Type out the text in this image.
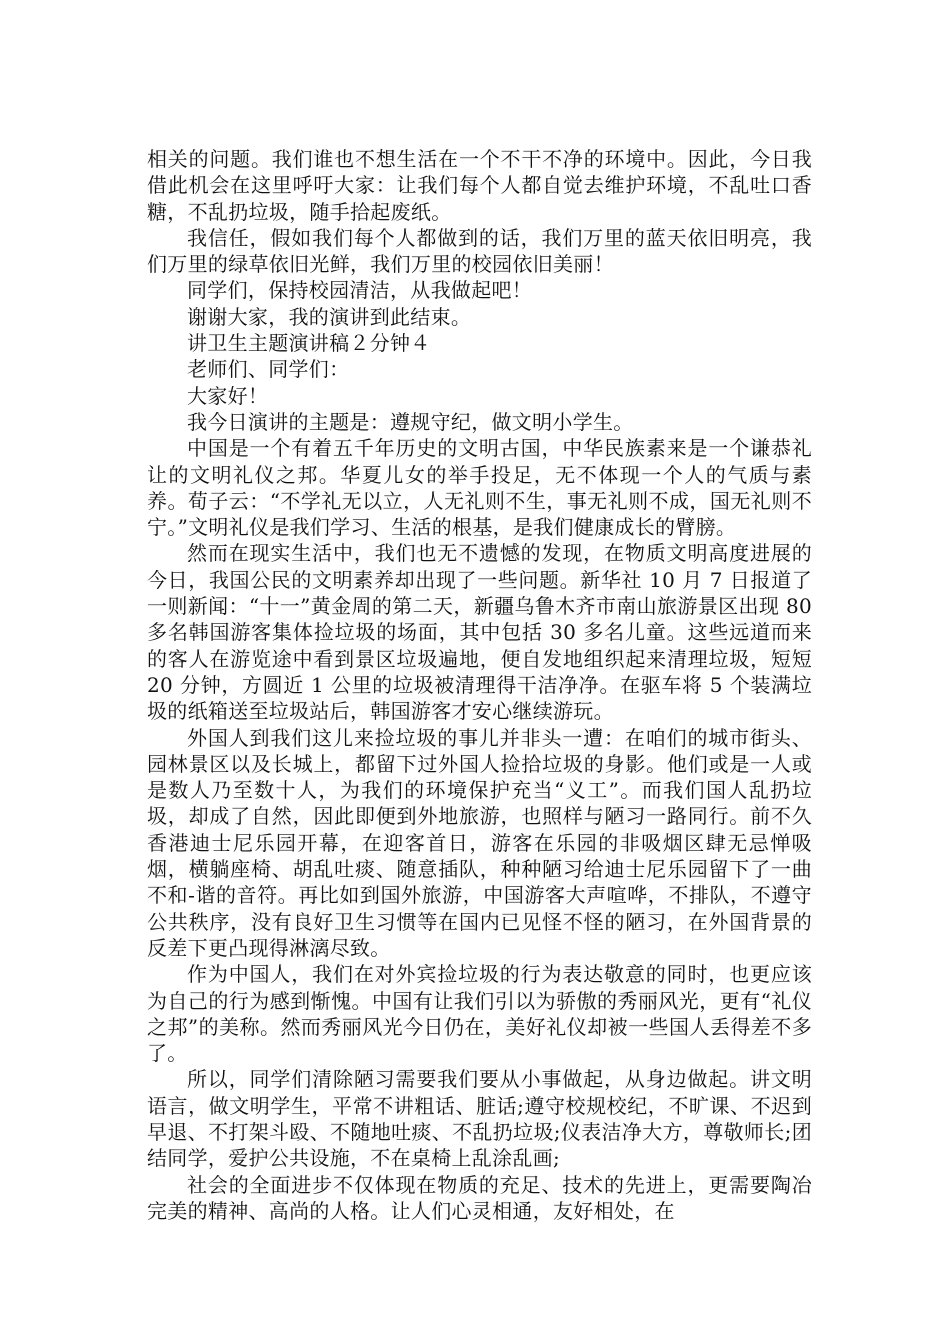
相关的问题。我们谁也不想生活在一个不干不净的环境中。因此，今日我借此机会在这里呼吁大家：让我们每个人都自觉去维护环境，不乱吐口香糖，不乱扔垃圾，随手拾起废纸。

我信任，假如我们每个人都做到的话，我们万里的蓝天依旧明亮，我们万里的绿草依旧光鲜，我们万里的校园依旧美丽！

同学们，保持校园清洁，从我做起吧！

谢谢大家，我的演讲到此结束。

讲卫生主题演讲稿２分钟４

老师们、同学们：

大家好！

我今日演讲的主题是：遵规守纪，做文明小学生。

中国是一个有着五千年历史的文明古国，中华民族素来是一个谦恭礼让的文明礼仪之邦。华夏儿女的举手投足，无不体现一个人的气质与素养。荀子云：“不学礼无以立，人无礼则不生，事无礼则不成，国无礼则不宁。”文明礼仪是我们学习、生活的根基，是我们健康成长的臂膀。

然而在现实生活中，我们也无不遗憾的发现，在物质文明高度进展的今日，我国公民的文明素养却出现了一些问题。新华社 10 月 7 日报道了一则新闻：“十一”黄金周的第二天，新疆乌鲁木齐市南山旅游景区出现 80 多名韩国游客集体捡垃圾的场面，其中包括 30 多名儿童。这些远道而来的客人在游览途中看到景区垃圾遍地，便自发地组织起来清理垃圾，短短 20 分钟，方圆近 1 公里的垃圾被清理得干洁净净。在驱车将 5 个装满垃圾的纸箱送至垃圾站后，韩国游客才安心继续游玩。

外国人到我们这儿来捡垃圾的事儿并非头一遭：在咱们的城市街头、园林景区以及长城上，都留下过外国人捡拾垃圾的身影。他们或是一人或是数人乃至数十人，为我们的环境保护充当“义工”。而我们国人乱扔垃圾，却成了自然，因此即便到外地旅游，也照样与陋习一路同行。前不久香港迪士尼乐园开幕，在迎客首日，游客在乐园的非吸烟区肆无忌惮吸烟，横躺座椅、胡乱吐痰、随意插队，种种陋习给迪士尼乐园留下了一曲不和-谐的音符。再比如到国外旅游，中国游客大声喧哗，不排队，不遵守公共秩序，没有良好卫生习惯等在国内已见怪不怪的陋习，在外国背景的反差下更凸现得淋漓尽致。

作为中国人，我们在对外宾捡垃圾的行为表达敬意的同时，也更应该为自己的行为感到惭愧。中国有让我们引以为骄傲的秀丽风光，更有“礼仪之邦”的美称。然而秀丽风光今日仍在，美好礼仪却被一些国人丢得差不多了。

所以，同学们清除陋习需要我们要从小事做起，从身边做起。讲文明语言，做文明学生，平常不讲粗话、脏话;遵守校规校纪，不旷课、不迟到早退、不打架斗殴、不随地吐痰、不乱扔垃圾;仪表洁净大方，尊敬师长;团结同学，爱护公共设施，不在桌椅上乱涂乱画;

社会的全面进步不仅体现在物质的充足、技术的先进上，更需要陶冶完美的精神、高尚的人格。让人们心灵相通，友好相处，在
